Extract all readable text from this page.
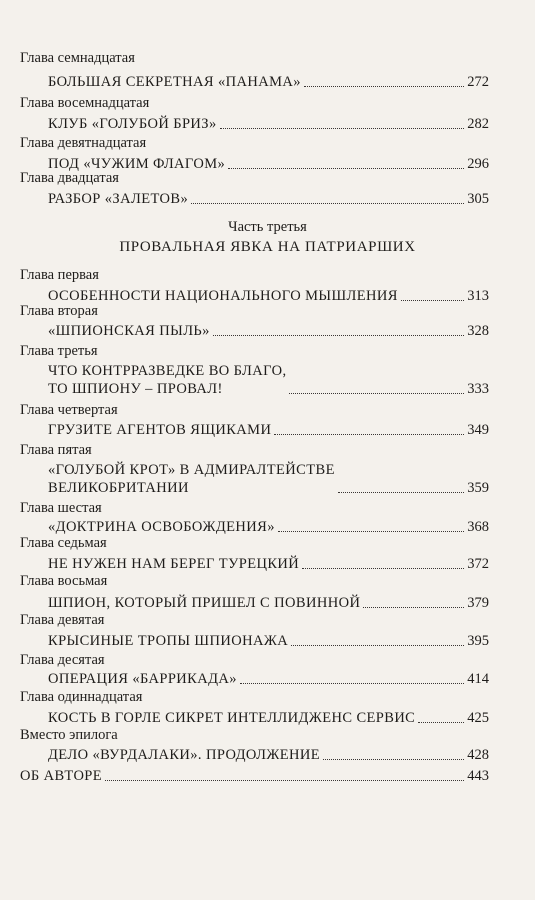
Глава семнадцатая
БОЛЬШАЯ СЕКРЕТНАЯ «ПАНАМА»	272
Глава восемнадцатая
КЛУБ «ГОЛУБОЙ БРИЗ»	282
Глава девятнадцатая
ПОД «ЧУЖИМ ФЛАГОМ»	296
Глава двадцатая
РАЗБОР «ЗАЛЕТОВ»	305
Часть третья
ПРОВАЛЬНАЯ ЯВКА НА ПАТРИАРШИХ
Глава первая
ОСОБЕННОСТИ НАЦИОНАЛЬНОГО МЫШЛЕНИЯ	313
Глава вторая
«ШПИОНСКАЯ ПЫЛЬ»	328
Глава третья
ЧТО КОНТРРАЗВЕДКЕ ВО БЛАГО,
ТО ШПИОНУ – ПРОВАЛ!	333
Глава четвертая
ГРУЗИТЕ АГЕНТОВ ЯЩИКАМИ	349
Глава пятая
«ГОЛУБОЙ КРОТ» В АДМИРАЛТЕЙСТВЕ
ВЕЛИКОБРИТАНИИ	359
Глава шестая
«ДОКТРИНА ОСВОБОЖДЕНИЯ»	368
Глава седьмая
НЕ НУЖЕН НАМ БЕРЕГ ТУРЕЦКИЙ	372
Глава восьмая
ШПИОН, КОТОРЫЙ ПРИШЕЛ С ПОВИННОЙ	379
Глава девятая
КРЫСИНЫЕ ТРОПЫ ШПИОНАЖА	395
Глава десятая
ОПЕРАЦИЯ «БАРРИКАДА»	414
Глава одиннадцатая
КОСТЬ В ГОРЛЕ СИКРЕТ ИНТЕЛЛИДЖЕНС СЕРВИС	425
Вместо эпилога
ДЕЛО «ВУРДАЛАКИ». ПРОДОЛЖЕНИЕ	428
ОБ АВТОРЕ	443
